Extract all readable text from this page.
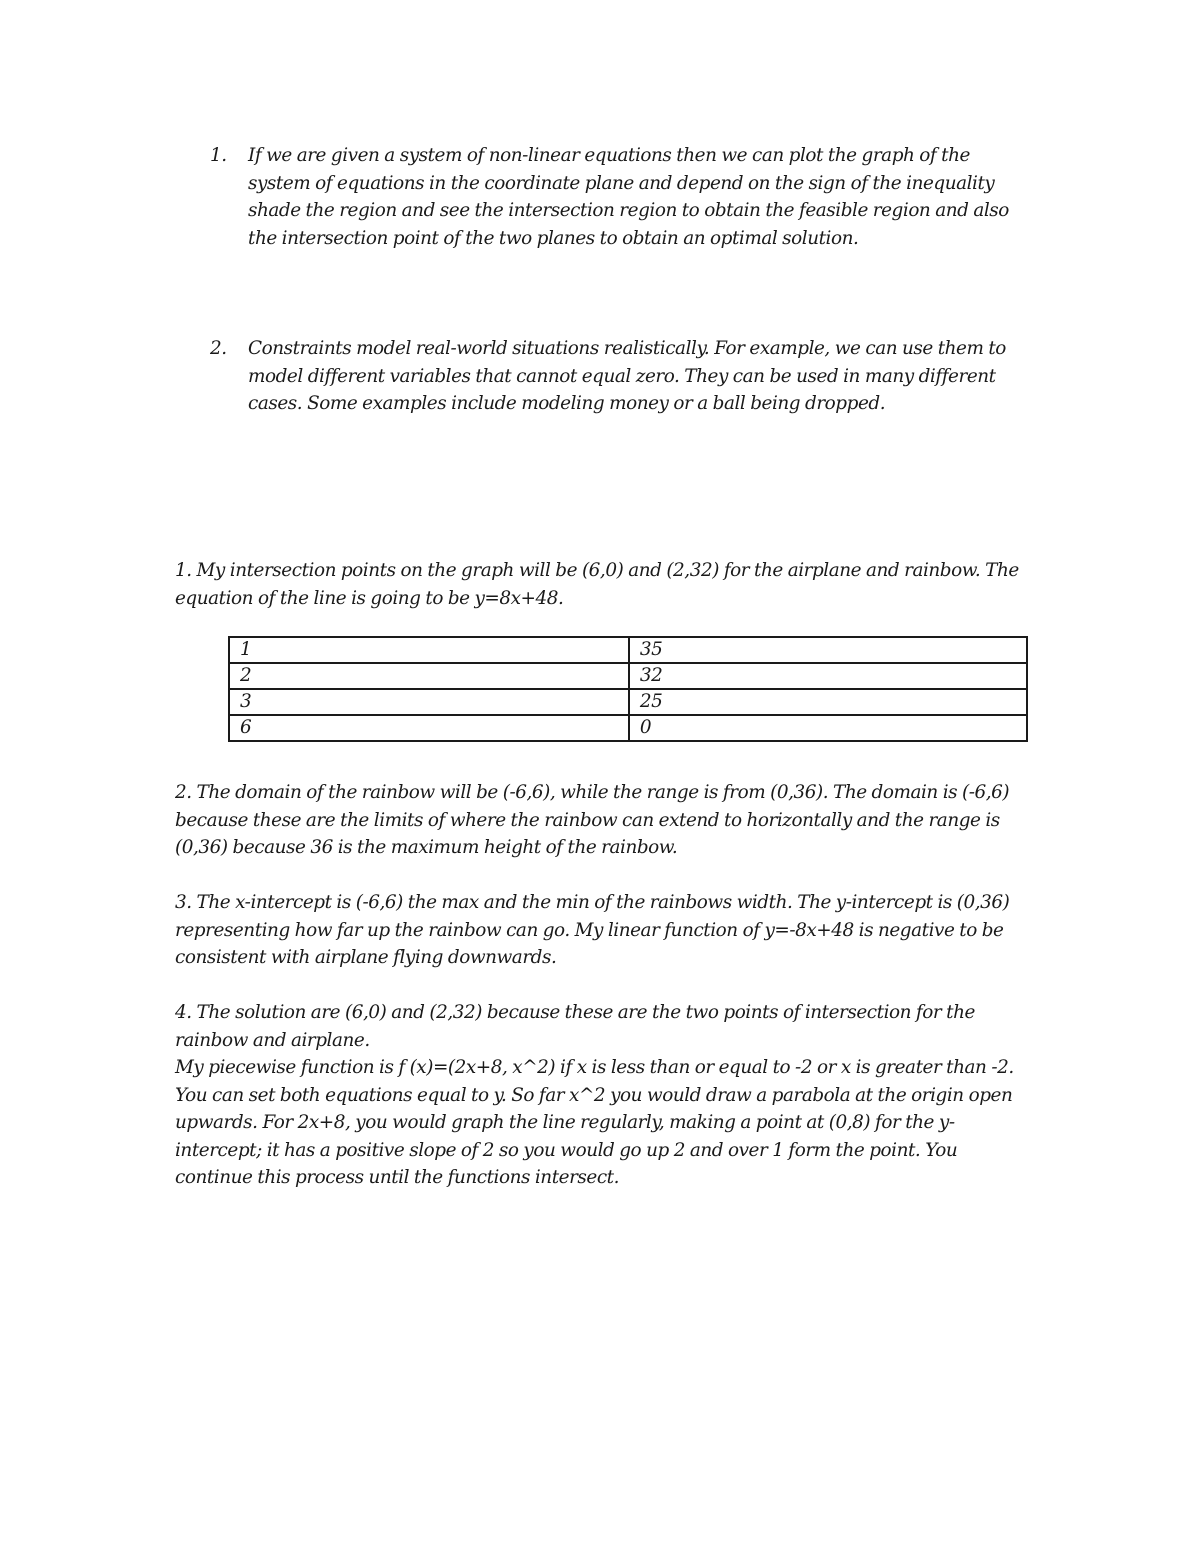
1. If we are given a system of non-linear equations then we can plot the graph of the system of equations in the coordinate plane and depend on the sign of the inequality shade the region and see the intersection region to obtain the feasible region and also the intersection point of the two planes to obtain an optimal solution.
2. Constraints model real-world situations realistically. For example, we can use them to model different variables that cannot equal zero. They can be used in many different cases. Some examples include modeling money or a ball being dropped.

1. My intersection points on the graph will be (6,0) and (2,32) for the airplane and rainbow. The equation of the line is going to be y=8x+48.

1	35
2	32
3	25
6	0

2. The domain of the rainbow will be (-6,6), while the range is from (0,36). The domain is (-6,6) because these are the limits of where the rainbow can extend to horizontally and the range is (0,36) because 36 is the maximum height of the rainbow.

3. The x-intercept is (-6,6) the max and the min of the rainbows width. The y-intercept is (0,36) representing how far up the rainbow can go. My linear function of y=-8x+48 is negative to be consistent with airplane flying downwards.

4. The solution are (6,0) and (2,32) because these are the two points of intersection for the rainbow and airplane.

My piecewise function is f (x)=(2x+8, x^2) if x is less than or equal to -2 or x is greater than -2. You can set both equations equal to y. So far x^2 you would draw a parabola at the origin open upwards. For 2x+8, you would graph the line regularly, making a point at (0,8) for the y-intercept; it has a positive slope of 2 so you would go up 2 and over 1 form the point. You continue this process until the functions intersect.
